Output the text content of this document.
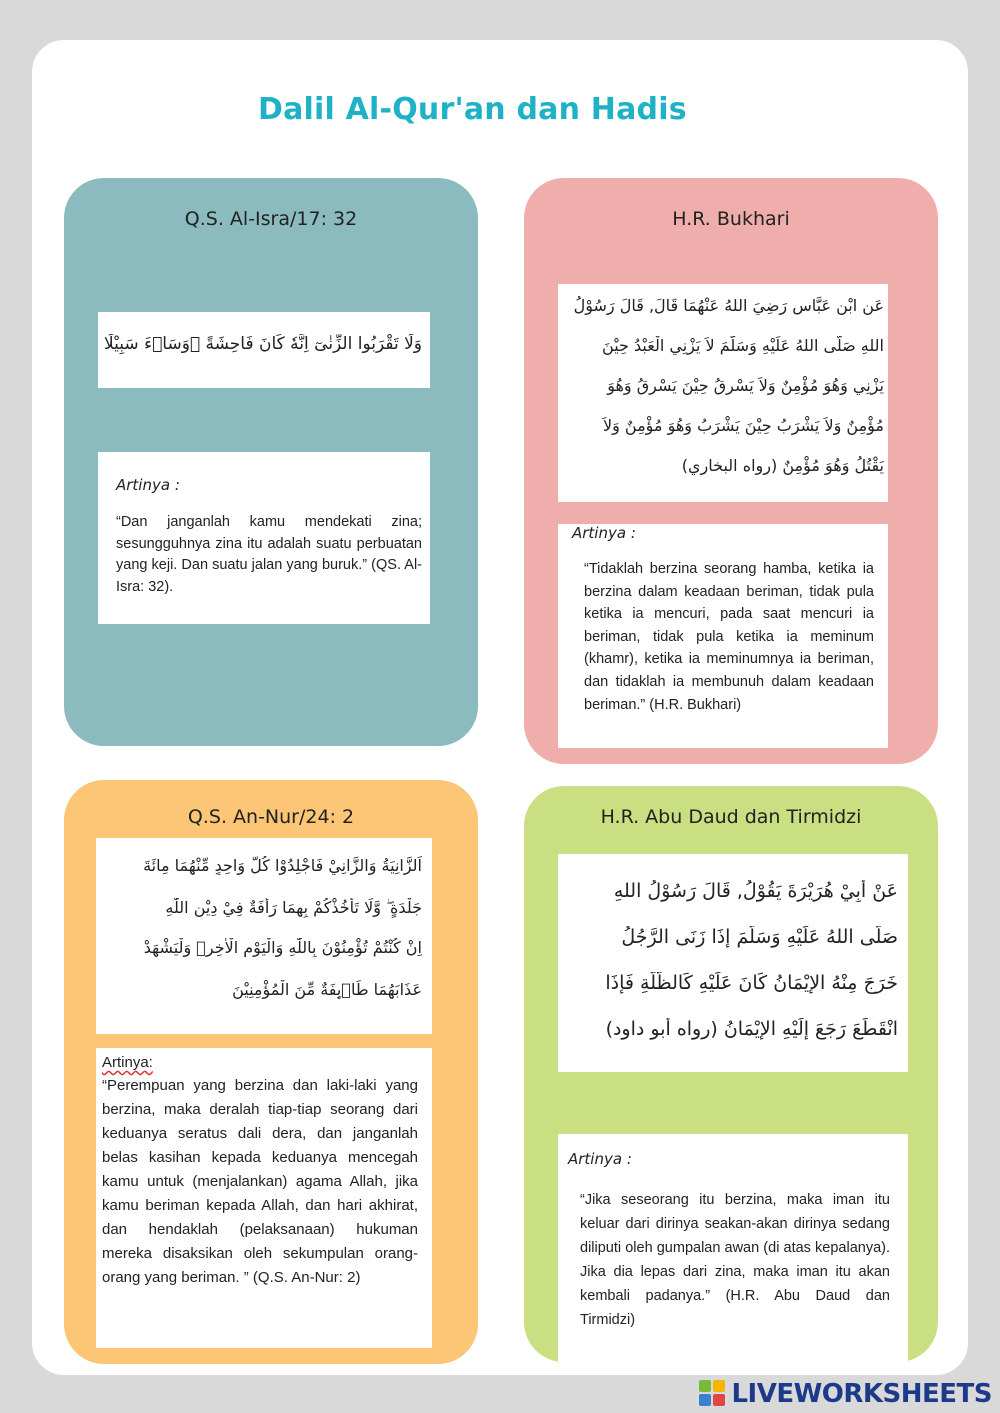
Dalil Al-Qur'an dan Hadis
Q.S. Al-Isra/17: 32
وَلَا تَقْرَبُوا الزِّنٰىٓ اِنَّهٗ كَانَ فَاحِشَةً ۗوَسَاۤءَ سَبِيْلًا
Artinya :
“Dan janganlah kamu mendekati zina; sesungguhnya zina itu adalah suatu perbuatan yang keji. Dan suatu jalan yang buruk.” (QS. Al-Isra: 32).
H.R. Bukhari
عَنِ ابْنِ عَبَّاسٍ رَضِيَ اللهُ عَنْهُمَا قَالَ, قَالَ رَسُوْلُ
اللهِ صَلَّى اللهُ عَلَيْهِ وَسَلَّمَ لاَ يَزْنِي الْعَبْدُ حِيْنَ
يَزْنِي وَهُوَ مُؤْمِنٌ وَلاَ يَسْرِقُ حِيْنَ يَسْرِقُ وَهُوَ
مُؤْمِنٌ وَلاَ يَشْرَبُ حِيْنَ يَشْرَبُ وَهُوَ مُؤْمِنٌ وَلاَ
يَقْتُلُ وَهُوَ مُؤْمِنٌ (رواه البخاري)
Artinya :
“Tidaklah berzina seorang hamba, ketika ia berzina dalam keadaan beriman, tidak pula ketika ia mencuri, pada saat mencuri ia beriman, tidak pula ketika ia meminum (khamr), ketika ia meminumnya ia beriman, dan tidaklah ia membunuh dalam keadaan beriman.” (H.R. Bukhari)
Q.S. An-Nur/24: 2
اَلزَّانِيَةُ وَالزَّانِيْ فَاجْلِدُوْا كُلَّ وَاحِدٍ مِّنْهُمَا مِائَةَ
جَلْدَةٍ ۖ وَّلَا تَأْخُذْكُمْ بِهِمَا رَأْفَةٌ فِيْ دِيْنِ اللّٰهِ
اِنْ كُنْتُمْ تُؤْمِنُوْنَ بِاللّٰهِ وَالْيَوْمِ الْاٰخِرِۚ وَلْيَشْهَدْ
عَذَابَهُمَا طَاۤىِٕفَةٌ مِّنَ الْمُؤْمِنِيْنَ
Artinya:
“Perempuan yang berzina dan laki-laki yang berzina, maka deralah tiap-tiap seorang dari keduanya seratus dali dera, dan janganlah belas kasihan kepada keduanya mencegah kamu untuk (menjalankan) agama Allah, jika kamu beriman kepada Allah, dan hari akhirat, dan hendaklah (pelaksanaan) hukuman mereka disaksikan oleh sekumpulan orang-orang yang beriman. ” (Q.S. An-Nur: 2)
H.R. Abu Daud dan Tirmidzi
عَنْ أَبِيْ هُرَيْرَةَ يَقُوْلُ, قَالَ رَسُوْلُ اللهِ
صَلَّى اللهُ عَلَيْهِ وَسَلَّمَ إِذَا زَنَى الرَّجُلُ
خَرَجَ مِنْهُ الإِيْمَانُ كَانَ عَلَيْهِ كَالظُّلَّةِ فَإِذَا
انْقَطَعَ رَجَعَ إِلَيْهِ الإِيْمَانُ (رواه أبو داود)
Artinya :
“Jika seseorang itu berzina, maka iman itu keluar dari dirinya seakan-akan dirinya sedang diliputi oleh gumpalan awan (di atas kepalanya). Jika dia lepas dari zina, maka iman itu akan kembali padanya.” (H.R. Abu Daud dan Tirmidzi)
LIVEWORKSHEETS
